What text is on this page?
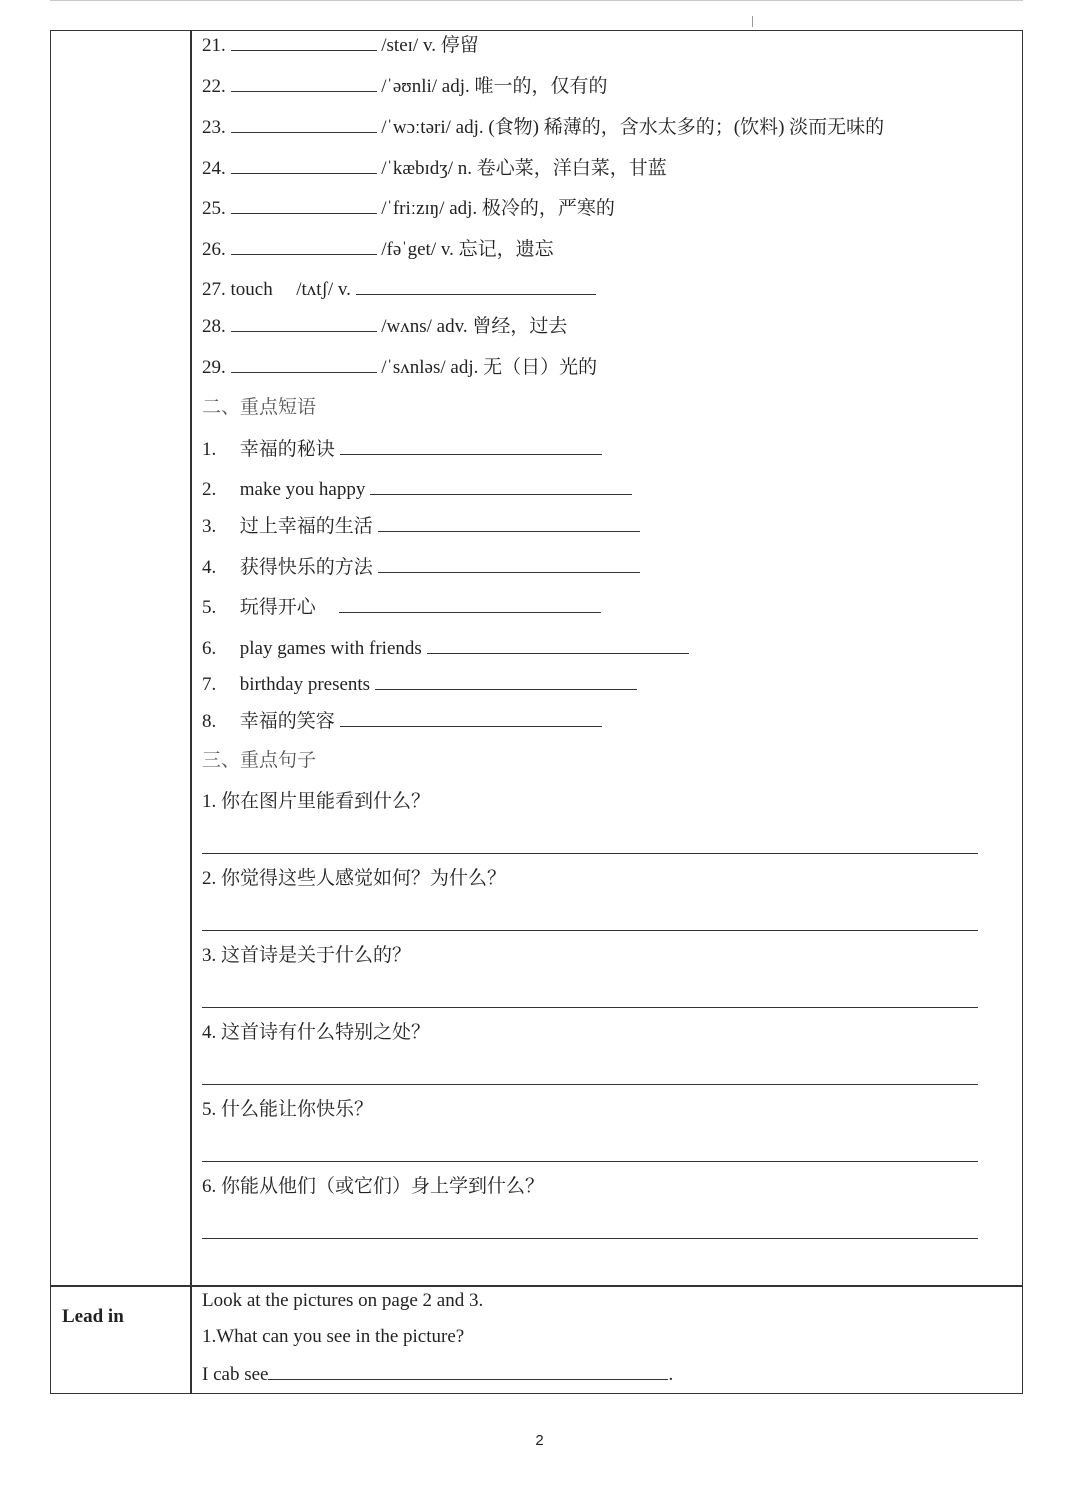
21.	/steɪ/ v. 停留
22.	/ˈəʊnli/ adj. 唯一的，仅有的
23.	/ˈwɔːtəri/ adj. (食物) 稀薄的，含水太多的；(饮料) 淡而无味的
24.	/ˈkæbɪdʒ/ n. 卷心菜，洋白菜，甘蓝
25.	/ˈfriːzɪŋ/ adj. 极冷的，严寒的
26.	/fəˈget/ v. 忘记，遗忘
27. touch /tʌtʃ/ v.
28.	/wʌns/ adv. 曾经，过去
29.	/ˈsʌnləs/ adj. 无（日）光的
二、重点短语
1. 幸福的秘诀
2. make you happy
3. 过上幸福的生活
4. 获得快乐的方法
5. 玩得开心
6. play games with friends
7. birthday presents
8. 幸福的笑容
三、重点句子
1. 你在图片里能看到什么？
2. 你觉得这些人感觉如何？为什么？
3. 这首诗是关于什么的？
4. 这首诗有什么特别之处？
5. 什么能让你快乐？
6. 你能从他们（或它们）身上学到什么？
Lead in
Look at the pictures on page 2 and 3.
1.What can you see in the picture?
I cab see	.
2
